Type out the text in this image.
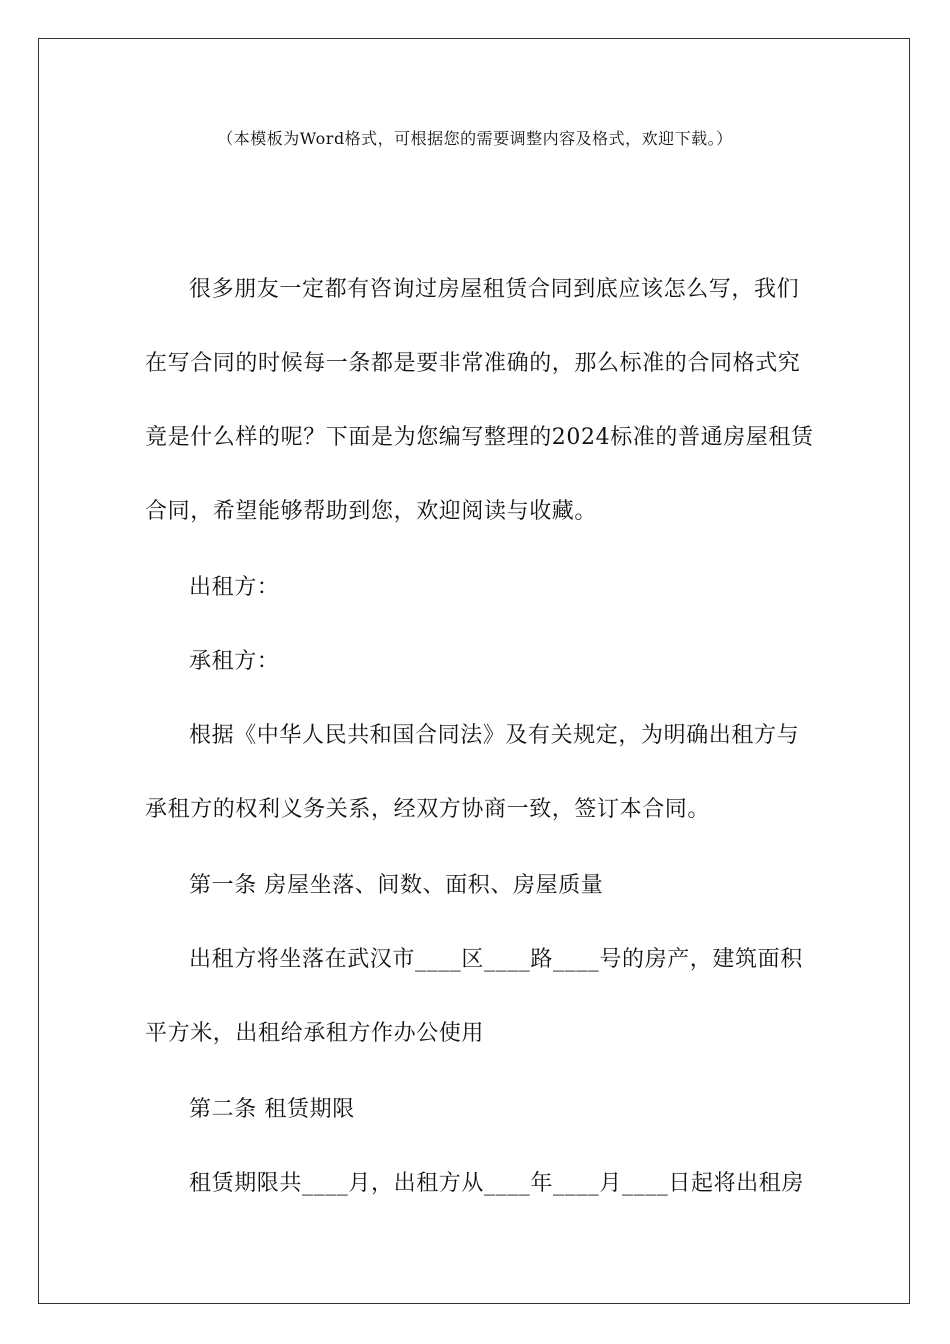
（本模板为Word格式，可根据您的需要调整内容及格式，欢迎下载。）

很多朋友一定都有咨询过房屋租赁合同到底应该怎么写，我们

在写合同的时候每一条都是要非常准确的，那么标准的合同格式究

竟是什么样的呢？下面是为您编写整理的2024标准的普通房屋租赁

合同，希望能够帮助到您，欢迎阅读与收藏。

出租方：

承租方：

根据《中华人民共和国合同法》及有关规定，为明确出租方与

承租方的权利义务关系，经双方协商一致，签订本合同。

第一条 房屋坐落、间数、面积、房屋质量

出租方将坐落在武汉市____区____路____号的房产，建筑面积

平方米，出租给承租方作办公使用

第二条 租赁期限

租赁期限共____月，出租方从____年____月____日起将出租房
